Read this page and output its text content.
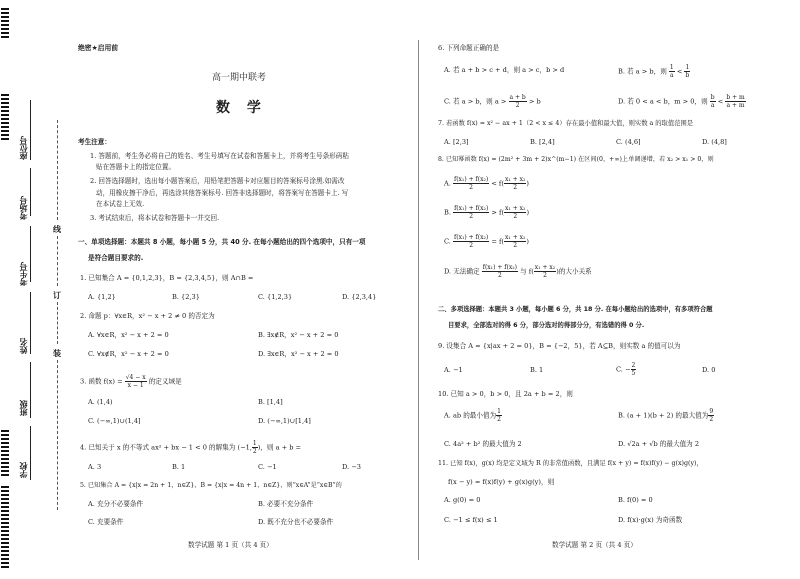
座位号
考场号
考生号
姓名
班级
学校
线
订
装
绝密★启用前
高一期中联考
数 学
考生注意：
1. 答题前，考生务必将自己的姓名、考生号填写在试卷和答题卡上，并将考生号条形码粘
贴在答题卡上的指定位置。
2. 回答选择题时，选出每小题答案后，用铅笔把答题卡对应题目的答案标号涂黑.如需改
动，用橡皮擦干净后，再选涂其他答案标号. 回答非选择题时，将答案写在答题卡上. 写
在本试卷上无效.
3. 考试结束后，将本试卷和答题卡一并交回.
一、单项选择题：本题共 8 小题，每小题 5 分，共 40 分. 在每小题给出的四个选项中，只有一项
是符合题目要求的.
1. 已知集合 A = {0,1,2,3}，B = {2,3,4,5}，则 A∩B =
A. {1,2}	B. {2,3}	C. {1,2,3}	D. {2,3,4}
2. 命题 p：∀x∈R，x² − x + 2 ≠ 0 的否定为
A. ∀x∈R，x² − x + 2 = 0	B. ∃x∉R，x² − x + 2 = 0
C. ∀x∉R，x² − x + 2 = 0	D. ∃x∈R，x² − x + 2 = 0
3. 函数 $f(x) = \frac{√4 - x}{x - 1}$ 的定义域是
A. (1,4)	B. [1,4]
C. (−∞,1)∪(1,4]	D. (−∞,1)∪[1,4]
4. 已知关于 x 的不等式 ax² + bx − 1 < 0 的解集为 (−1, $\frac{1}{2}$ )，则 a + b =
A. 3	B. 1	C. −1	D. −3
5. 已知集合 A = {x|x = 2n + 1，n∈Z}，B = {x|x = 4n + 1，n∈Z}，则“x∈A”是“x∈B”的
A. 充分不必要条件	B. 必要不充分条件
C. 充要条件	D. 既不充分也不必要条件
数学试题 第 1 页（共 4 页）
6. 下列命题正确的是
A. 若 a + b > c + d，则 a > c，b > d	B. 若 a > b，则 $\frac{1}{a} < \frac{1}{b}$
C. 若 a > b，则 $a > \frac{a + b}{2} > b$	D. 若 0 < a < b，m > 0，则 $\frac{b}{a} < \frac{b + m}{a + m}$
7. 若函数 f(x) = x² − ax + 1（2 < x ≤ 4）存在最小值和最大值，则实数 a 的取值范围是
A. [2,3]	B. [2,4]	C. (4,6]	D. (4,8]
8. 已知幂函数 f(x) = (2m² + 3m + 2)x^(m−1) 在区间(0，+∞)上单调递增，若 x₂ > x₁ > 0，则
A. $\frac{\text{f(x₁) + f(x₂)}}{2} < f( \frac{\text{x₁ + x₂}}{2}$ )
B. $\frac{\text{f(x₁) + f(x₂)}}{2} > f( \frac{\text{x₁ + x₂}}{2}$ )
C. $\frac{\text{f(x₁) + f(x₂)}}{2} = f( \frac{\text{x₁ + x₂}}{2}$ )
D. 无法确定 $\frac{\text{f(x₁) + f(x₂)}}{2}$ 与 $f( \frac{\text{x₁ + x₂}}{2}$ )的大小关系
二、多项选择题：本题共 3 小题，每小题 6 分，共 18 分. 在每小题给出的选项中，有多项符合题
目要求，全部选对的得 6 分，部分选对的得部分分，有选错的得 0 分.
9. 设集合 A = {x|ax + 2 = 0}，B = {−2，5}，若 A⊆B，则实数 a 的值可以为
A. −1	B. 1	C. − $\frac{2}{5}$	D. 0
10. 已知 a > 0，b > 0，且 2a + b = 2，则
A. ab 的最小值为 $\frac{1}{2}$	B. (a + 1)(b + 2) 的最大值为 $\frac{9}{2}$
C. 4a² + b² 的最大值为 2	D. √2a + √b 的最大值为 2
11. 已知 f(x)，g(x) 均是定义域为 R 的非常值函数，且满足 f(x + y) = f(x)f(y) − g(x)g(y)，
f(x − y) = f(x)f(y) + g(x)g(y)，则
A. g(0) = 0	B. f(0) = 0
C. −1 ≤ f(x) ≤ 1	D. f(x)·g(x) 为奇函数
数学试题 第 2 页（共 4 页）
